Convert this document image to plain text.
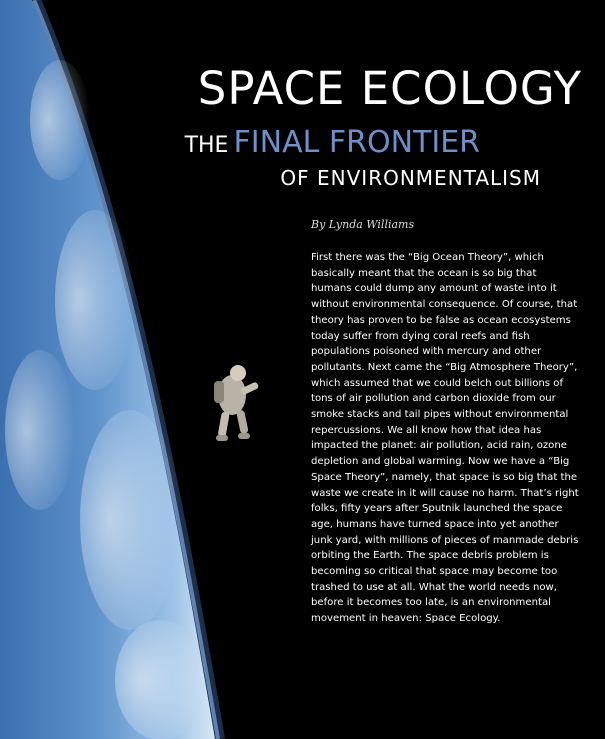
SPACE ECOLOGY
THE FINAL FRONTIER
OF ENVIRONMENTALISM
By Lynda Williams

First there was the “Big Ocean Theory”, which basically meant that the ocean is so big that humans could dump any amount of waste into it without environmental consequence. Of course, that theory has proven to be false as ocean ecosystems today suffer from dying coral reefs and fish populations poisoned with mercury and other pollutants. Next came the “Big Atmosphere Theory”, which assumed that we could belch out billions of tons of air pollution and carbon dioxide from our smoke stacks and tail pipes without environmental repercussions. We all know how that idea has impacted the planet: air pollution, acid rain, ozone depletion and global warming. Now we have a “Big Space Theory”, namely, that space is so big that the waste we create in it will cause no harm. That’s right folks, fifty years after Sputnik launched the space age, humans have turned space into yet another junk yard, with millions of pieces of manmade debris orbiting the Earth. The space debris problem is becoming so critical that space may become too trashed to use at all. What the world needs now, before it becomes too late, is an environmental movement in heaven: Space Ecology.
